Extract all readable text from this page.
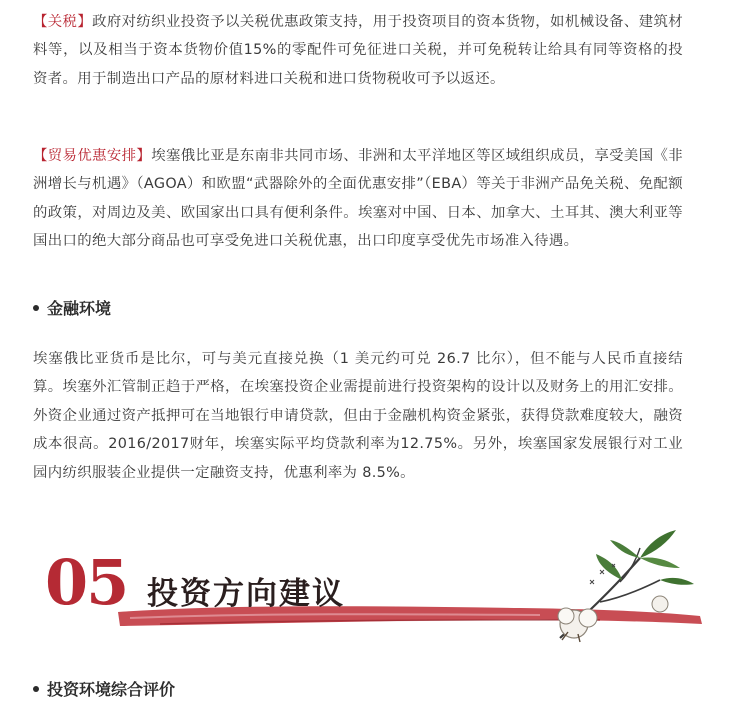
【关税】政府对纺织业投资予以关税优惠政策支持，用于投资项目的资本货物，如机械设备、建筑材料等，以及相当于资本货物价值15%的零配件可免征进口关税，并可免税转让给具有同等资格的投资者。用于制造出口产品的原材料进口关税和进口货物税收可予以返还。

【贸易优惠安排】埃塞俄比亚是东南非共同市场、非洲和太平洋地区等区域组织成员，享受美国《非洲增长与机遇》（AGOA）和欧盟“武器除外的全面优惠安排”（EBA）等关于非洲产品免关税、免配额的政策，对周边及美、欧国家出口具有便利条件。埃塞对中国、日本、加拿大、土耳其、澳大利亚等国出口的绝大部分商品也可享受免进口关税优惠，出口印度享受优先市场准入待遇。

金融环境

埃塞俄比亚货币是比尔，可与美元直接兑换（1 美元约可兑 26.7 比尔），但不能与人民币直接结算。埃塞外汇管制正趋于严格，在埃塞投资企业需提前进行投资架构的设计以及财务上的用汇安排。外资企业通过资产抵押可在当地银行申请贷款，但由于金融机构资金紧张，获得贷款难度较大，融资成本很高。2016/2017财年，埃塞实际平均贷款利率为12.75%。另外，埃塞国家发展银行对工业园内纺织服装企业提供一定融资支持，优惠利率为 8.5%。

05 投资方向建议
投资环境综合评价
